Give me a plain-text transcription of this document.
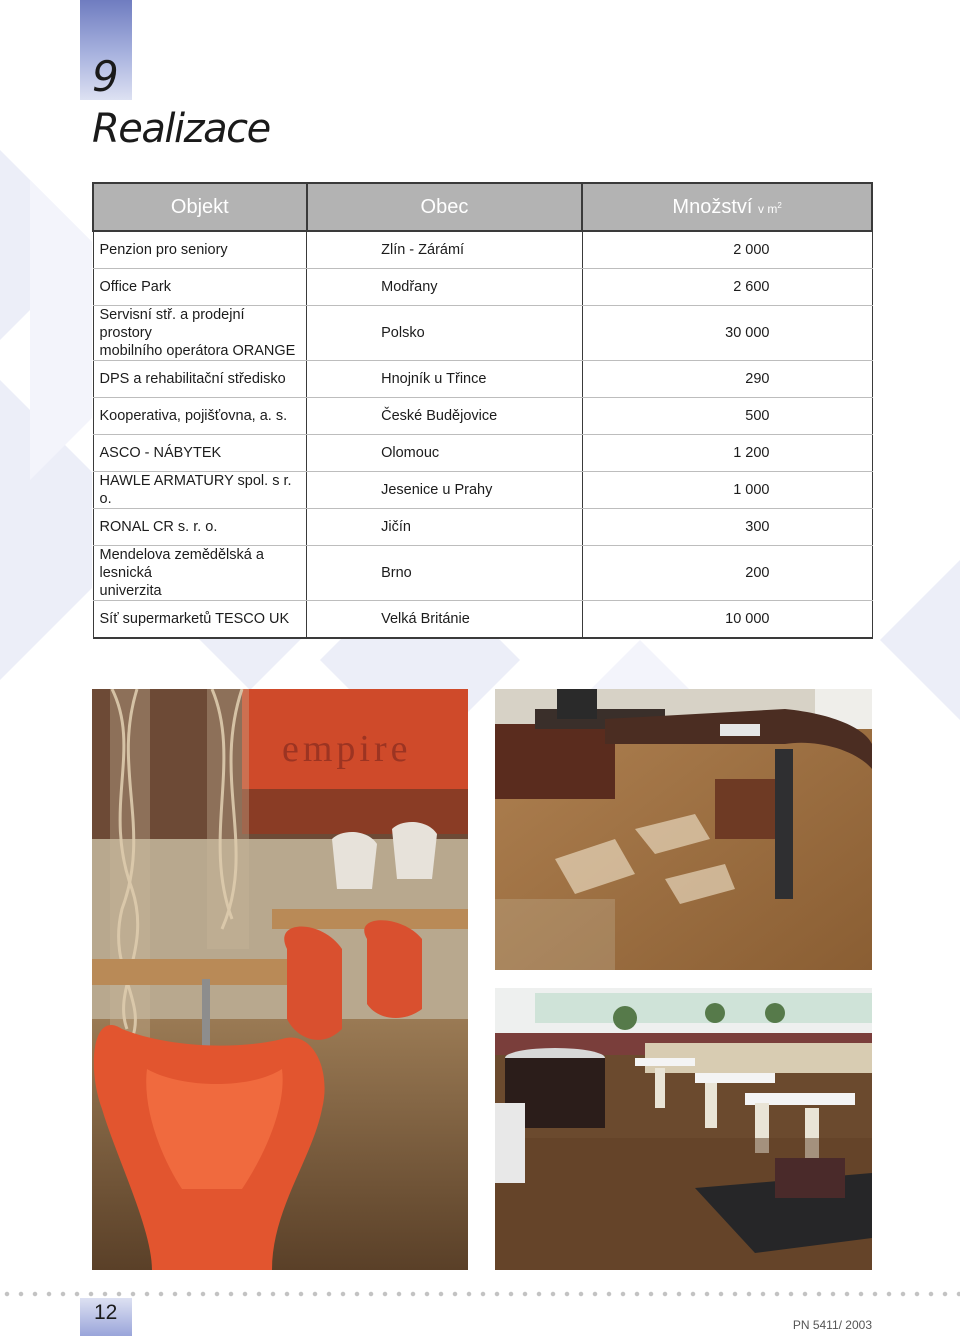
9
Realizace
Objekt	Obec	Množství v $m^2$
Penzion pro seniory	Zlín - Zárámí	2 000
Office Park	Modřany	2 600
Servisní stř. a prodejní prostory
mobilního operátora ORANGE	Polsko	30 000
DPS a rehabilitační středisko	Hnojník u Třince	290
Kooperativa, pojišťovna, a. s.	České Budějovice	500
ASCO - NÁBYTEK	Olomouc	1 200
HAWLE ARMATURY spol. s r. o.	Jesenice u Prahy	1 000
RONAL CR s. r. o.	Jičín	300
Mendelova zemědělská a lesnická
univerzita	Brno	200
Síť supermarketů TESCO UK	Velká Británie	10 000
empire
12
PN 5411/ 2003
